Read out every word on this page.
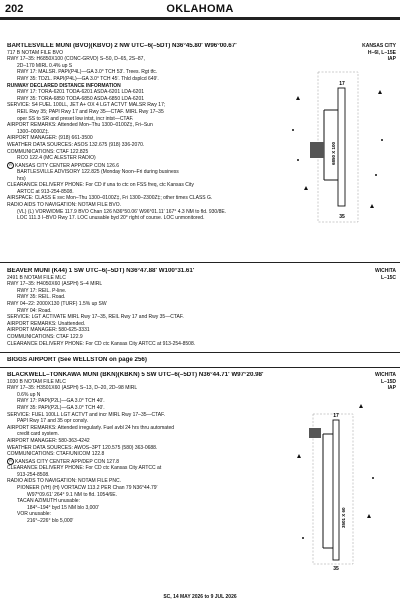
202	OKLAHOMA
BARTLESVILLE MUNI (BVO)(KBVO) 2 NW UTC–6(–5DT) N36°45.80′ W96°00.67′
717 B NOTAM FILE BVO
RWY 17–35: H6850X100 (CONC-GRVD) S–50, D–65, 2S–87,
2D–170 MIRL 0.4% up S
RWY 17: MALSR. PAPI(P4L)—GA 3.0° TCH 53′. Trees. Rgt tfc.
RWY 35: TDZL. PAPI(P4L)—GA 3.0° TCH 45′. Thld dsplcd 649′.
RUNWAY DECLARED DISTANCE INFORMATION
RWY 17: TORA-6201 TODA-6201 ASDA-6201 LDA-6201
RWY 35: TORA-6850 TODA-6850 ASDA-6850 LDA-6201
SERVICE: S4 FUEL 100LL, JET A+ OX 4 LGT ACTVT MALSR Rwy 17;
REIL Rwy 35; PAPI Rwy 17 and Rwy 35—CTAF. MIRL Rwy 17–35
oper SS to SR and preset low intst, incr intst—CTAF.
AIRPORT REMARKS: Attended Mon–Thu 1300–0100Z‡, Fri–Sun
1300–0000Z‡.
AIRPORT MANAGER: (918) 661-3500
WEATHER DATA SOURCES: ASOS 132.675 (918) 336-2070.
COMMUNICATIONS: CTAF 122.825
RCO 122.4 (MC ALESTER RADIO)
R KANSAS CITY CENTER APP/DEP CON 126.6
BARTLESVILLE ADVISORY 122.825 (Monday Noon–Fri during business
hrs)
CLEARANCE DELIVERY PHONE: For CD if una to ctc on FSS freq, ctc Kansas City
ARTCC at 913-254-8508.
AIRSPACE: CLASS E svc Mon–Thu 1300–0100Z‡, Fri 1300–2300Z‡; other times CLASS G.
RADIO AIDS TO NAVIGATION: NOTAM FILE BVO.
(VL) (L) VORW/DME 117.9 BVO Chan 126 N36°50.06′ W96°01.11′ 167° 4.3 NM to fld. 930/8E.
LOC 111.3 I–BVO Rwy 17. LOC unusable byd 20° right of course. LOC unmonitored.
KANSAS CITY
H–6I, L–15E
IAP
35
17
6850 X 100
BEAVER MUNI (K44) 1 SW UTC–6(–5DT) N36°47.88′ W100°31.61′
2491 B NOTAM FILE MLC
RWY 17–35: H4050X60 (ASPH) S–4 MIRL
RWY 17: REIL. P-line.
RWY 35: REIL. Road.
RWY 04–22: 2000X130 (TURF) 1.5% up SW
RWY 04: Road.
SERVICE: LGT ACTIVATE MIRL Rwy 17–35, REIL Rwy 17 and Rwy 35—CTAF.
AIRPORT REMARKS: Unattended.
AIRPORT MANAGER: 580-625-3331
COMMUNICATIONS: CTAF 122.9
CLEARANCE DELIVERY PHONE: For CD ctc Kansas City ARTCC at 913-254-8508.
WICHITA
L–15C
BIGGS AIRPORT (See WELLSTON on page 256)
BLACKWELL–TONKAWA MUNI (BKN)(KBKN) 5 SW UTC–6(–5DT) N36°44.71′ W97°20.98′
1030 B NOTAM FILE MLC
RWY 17–35: H3501X60 (ASPH) S–13, D–20, 2D–98 MIRL
0.6% up N
RWY 17: PAPI(P2L)—GA 3.0° TCH 40′.
RWY 35: PAPI(P2L)—GA 3.0° TCH 40′.
SERVICE: FUEL 100LL LGT ACTVT and incr MIRL Rwy 17–35—CTAF.
PAPI Rwy 17 and 35 opr consly.
AIRPORT REMARKS: Attended irregularly. Fuel avbl 24 hrs thru automated
credit card system.
AIRPORT MANAGER: 580-363-4242
WEATHER DATA SOURCES: AWOS–3PT 120.575 (580) 363-0688.
COMMUNICATIONS: CTAF/UNICOM 122.8
R KANSAS CITY CENTER APP/DEP CON 127.8
CLEARANCE DELIVERY PHONE: For CD ctc Kansas City ARTCC at
913-254-8508.
RADIO AIDS TO NAVIGATION: NOTAM FILE PNC.
PIONEER (VH) (H) VORTACW 113.2 PER Chan 79 N36°44.79′
W97°09.61′ 264° 9.1 NM to fld. 1054/6E.
TACAN AZIMUTH unusable:
184°–194° byd 15 NM blo 3,000′
VOR unusable:
216°–226° blo 5,000′
WICHITA
L–15D
IAP
17
35
3501 X 60
SC, 14 MAY 2026 to 9 JUL 2026
